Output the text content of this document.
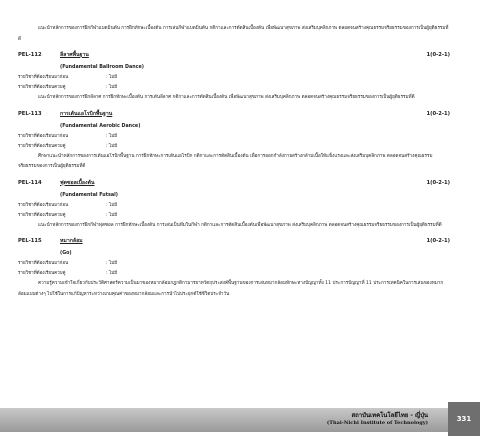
แนะนำหลักการของการฝึกกีฬาแบดมินตัน การฝึกทักษะเบื้องต้น การเล่นกีฬาแบดมินตัน กติกาและการตัดสินเบื้องต้น เพื่อพัฒนาสุขภาพ ส่งเสริมบุคลิกภาพ ตลอดจนสร้างคุณธรรมจริยธรรมของการเป็นผู้ยุติธรรมที่ดี

PEL-112	ลีลาศพื้นฐาน	1(0-2-1)
(Fundamental Ballroom Dance)
รายวิชาที่ต้องเรียนมาก่อน	: ไม่มี
รายวิชาที่ต้องเรียนควบคู่	: ไม่มี

แนะนำหลักการของการฝึกลีลาศ การฝึกทักษะเบื้องต้น การเต้นลีลาศ กติกาและการตัดสินเบื้องต้น เพื่อพัฒนาสุขภาพ ส่งเสริมบุคลิกภาพ ตลอดจนสร้างคุณธรรมจริยธรรมของการเป็นผู้ยุติธรรมที่ดี

PEL-113	การเต้นแอโรบิกพื้นฐาน	1(0-2-1)
(Fundamental Aerobic Dance)
รายวิชาที่ต้องเรียนมาก่อน	: ไม่มี
รายวิชาที่ต้องเรียนควบคู่	: ไม่มี

ศึกษาแนะนำหลักการของการเต้นแอโรบิกพื้นฐาน การฝึกทักษะการเต้นแอโรบิก กติกาและการตัดสินเบื้องต้น เพื่อการออกกำลังกายสร้างกล้ามเนื้อให้แข็งแรงและส่งเสริมบุคลิกภาพ ตลอดจนสร้างคุณธรรมจริยธรรมของการเป็นผู้ยุติธรรมที่ดี

PEL-114	ฟุตซอลเบื้องต้น	1(0-2-1)
(Fundamental Futsal)
รายวิชาที่ต้องเรียนมาก่อน	: ไม่มี
รายวิชาที่ต้องเรียนควบคู่	: ไม่มี

แนะนำหลักการของการฝึกกีฬาฟุตซอล การฝึกทักษะเบื้องต้น การเล่นเป็นทีมในกีฬา กติกาและการตัดสินเบื้องต้นเพื่อพัฒนาสุขภาพ ส่งเสริมบุคลิกภาพ ตลอดจนสร้างคุณธรรมจริยธรรมของการเป็นผู้ยุติธรรมที่ดี

PEL-115	หมากล้อม	1(0-2-1)
(Go)
รายวิชาที่ต้องเรียนมาก่อน	: ไม่มี
รายวิชาที่ต้องเรียนควบคู่	: ไม่มี

ความรู้ความเข้าใจเกี่ยวกับประวัติศาสตร์ความเป็นมาของหมากล้อมกฎกติกามารยาทวัตถุประสงค์พื้นฐานของการเล่นหมากล้อมทักษะทางปัญญาทั้ง 11 ประการปัญญาที่ 11 ประการเทคนิคในการเล่นของหมากล้อมแบบต่างๆ ไปใช้ในการแก้ปัญหาระหว่างเกมคุณค่าของหมากล้อมและการนำไปประยุกต์ใช้ชีวิตประจำวัน

สถาบันเทคโนโลยีไทย - ญี่ปุ่น
(Thai-Nichi Institute of Technology)	331
